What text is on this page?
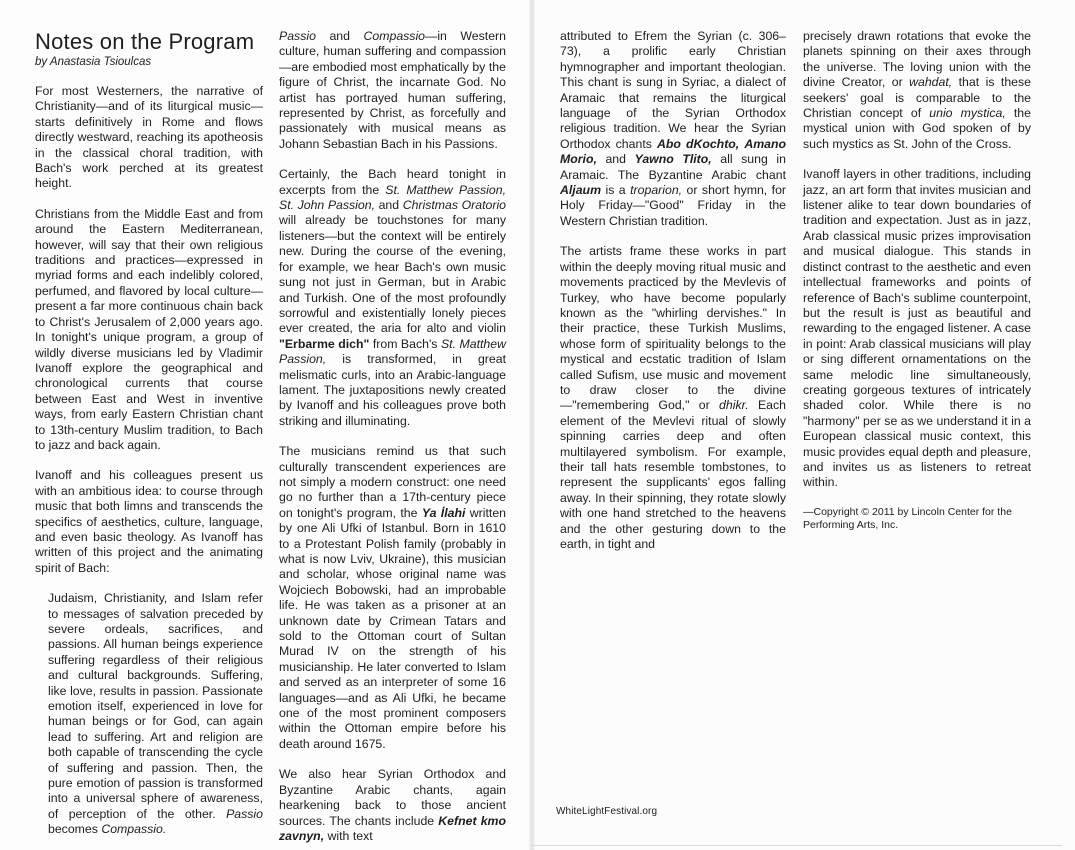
Notes on the Program

by Anastasia Tsioulcas

For most Westerners, the narrative of Christianity—and of its liturgical music—starts definitively in Rome and flows directly westward, reaching its apotheosis in the classical choral tradition, with Bach's work perched at its greatest height.

Christians from the Middle East and from around the Eastern Mediterranean, however, will say that their own religious traditions and practices—expressed in myriad forms and each indelibly colored, perfumed, and flavored by local culture—present a far more continuous chain back to Christ's Jerusalem of 2,000 years ago. In tonight's unique program, a group of wildly diverse musicians led by Vladimir Ivanoff explore the geographical and chronological currents that course between East and West in inventive ways, from early Eastern Christian chant to 13th-century Muslim tradition, to Bach to jazz and back again.

Ivanoff and his colleagues present us with an ambitious idea: to course through music that both limns and transcends the specifics of aesthetics, culture, language, and even basic theology. As Ivanoff has written of this project and the animating spirit of Bach:

Judaism, Christianity, and Islam refer to messages of salvation preceded by severe ordeals, sacrifices, and passions. All human beings experience suffering regardless of their religious and cultural backgrounds. Suffering, like love, results in passion. Passionate emotion itself, experienced in love for human beings or for God, can again lead to suffering. Art and religion are both capable of transcending the cycle of suffering and passion. Then, the pure emotion of passion is transformed into a universal sphere of awareness, of perception of the other. Passio becomes Compassio.

Passio and Compassio—in Western culture, human suffering and compassion—are embodied most emphatically by the figure of Christ, the incarnate God. No artist has portrayed human suffering, represented by Christ, as forcefully and passionately with musical means as Johann Sebastian Bach in his Passions.

Certainly, the Bach heard tonight in excerpts from the St. Matthew Passion, St. John Passion, and Christmas Oratorio will already be touchstones for many listeners—but the context will be entirely new. During the course of the evening, for example, we hear Bach's own music sung not just in German, but in Arabic and Turkish. One of the most profoundly sorrowful and existentially lonely pieces ever created, the aria for alto and violin "Erbarme dich" from Bach's St. Matthew Passion, is transformed, in great melismatic curls, into an Arabic-language lament. The juxtapositions newly created by Ivanoff and his colleagues prove both striking and illuminating.

The musicians remind us that such culturally transcendent experiences are not simply a modern construct: one need go no further than a 17th-century piece on tonight's program, the Ya İlahi written by one Ali Ufki of Istanbul. Born in 1610 to a Protestant Polish family (probably in what is now Lviv, Ukraine), this musician and scholar, whose original name was Wojciech Bobowski, had an improbable life. He was taken as a prisoner at an unknown date by Crimean Tatars and sold to the Ottoman court of Sultan Murad IV on the strength of his musicianship. He later converted to Islam and served as an interpreter of some 16 languages—and as Ali Ufki, he became one of the most prominent composers within the Ottoman empire before his death around 1675.

We also hear Syrian Orthodox and Byzantine Arabic chants, again hearkening back to those ancient sources. The chants include Kefnet kmo zavnyn, with text

attributed to Efrem the Syrian (c. 306–73), a prolific early Christian hymnographer and important theologian. This chant is sung in Syriac, a dialect of Aramaic that remains the liturgical language of the Syrian Orthodox religious tradition. We hear the Syrian Orthodox chants Abo dKochto, Amano Morio, and Yawno Tlito, all sung in Aramaic. The Byzantine Arabic chant Aljaum is a troparion, or short hymn, for Holy Friday—"Good" Friday in the Western Christian tradition.

The artists frame these works in part within the deeply moving ritual music and movements practiced by the Mevlevis of Turkey, who have become popularly known as the "whirling dervishes." In their practice, these Turkish Muslims, whose form of spirituality belongs to the mystical and ecstatic tradition of Islam called Sufism, use music and movement to draw closer to the divine—"remembering God," or dhikr. Each element of the Mevlevi ritual of slowly spinning carries deep and often multilayered symbolism. For example, their tall hats resemble tombstones, to represent the supplicants' egos falling away. In their spinning, they rotate slowly with one hand stretched to the heavens and the other gesturing down to the earth, in tight and

precisely drawn rotations that evoke the planets spinning on their axes through the universe. The loving union with the divine Creator, or wahdat, that is these seekers' goal is comparable to the Christian concept of unio mystica, the mystical union with God spoken of by such mystics as St. John of the Cross.

Ivanoff layers in other traditions, including jazz, an art form that invites musician and listener alike to tear down boundaries of tradition and expectation. Just as in jazz, Arab classical music prizes improvisation and musical dialogue. This stands in distinct contrast to the aesthetic and even intellectual frameworks and points of reference of Bach's sublime counterpoint, but the result is just as beautiful and rewarding to the engaged listener. A case in point: Arab classical musicians will play or sing different ornamentations on the same melodic line simultaneously, creating gorgeous textures of intricately shaded color. While there is no "harmony" per se as we understand it in a European classical music context, this music provides equal depth and pleasure, and invites us as listeners to retreat within.

—Copyright © 2011 by Lincoln Center for the Performing Arts, Inc.

WhiteLightFestival.org
